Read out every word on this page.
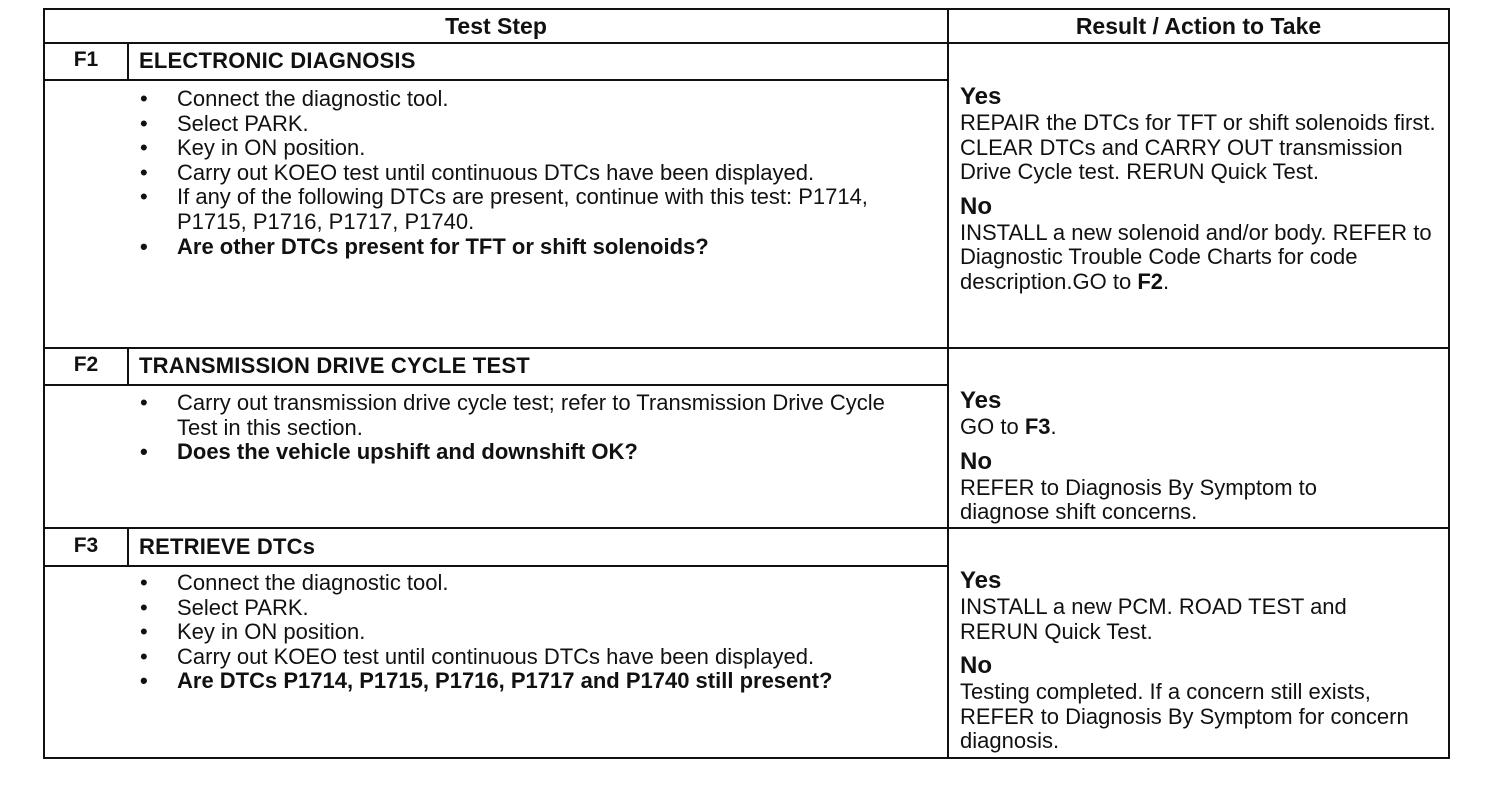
Test Step	Result / Action to Take
F1	ELECTRONIC DIAGNOSIS
• Connect the diagnostic tool.
• Select PARK.
• Key in ON position.
• Carry out KOEO test until continuous DTCs have been displayed.
• If any of the following DTCs are present, continue with this test: P1714, P1715, P1716, P1717, P1740.
• Are other DTCs present for TFT or shift solenoids?
Yes
REPAIR the DTCs for TFT or shift solenoids first. CLEAR DTCs and CARRY OUT transmission Drive Cycle test. RERUN Quick Test.
No
INSTALL a new solenoid and/or body. REFER to Diagnostic Trouble Code Charts for code description.GO to F2.
F2	TRANSMISSION DRIVE CYCLE TEST
• Carry out transmission drive cycle test; refer to Transmission Drive Cycle Test in this section.
• Does the vehicle upshift and downshift OK?
Yes
GO to F3.
No
REFER to Diagnosis By Symptom to diagnose shift concerns.
F3	RETRIEVE DTCs
• Connect the diagnostic tool.
• Select PARK.
• Key in ON position.
• Carry out KOEO test until continuous DTCs have been displayed.
• Are DTCs P1714, P1715, P1716, P1717 and P1740 still present?
Yes
INSTALL a new PCM. ROAD TEST and RERUN Quick Test.
No
Testing completed. If a concern still exists, REFER to Diagnosis By Symptom for concern diagnosis.
